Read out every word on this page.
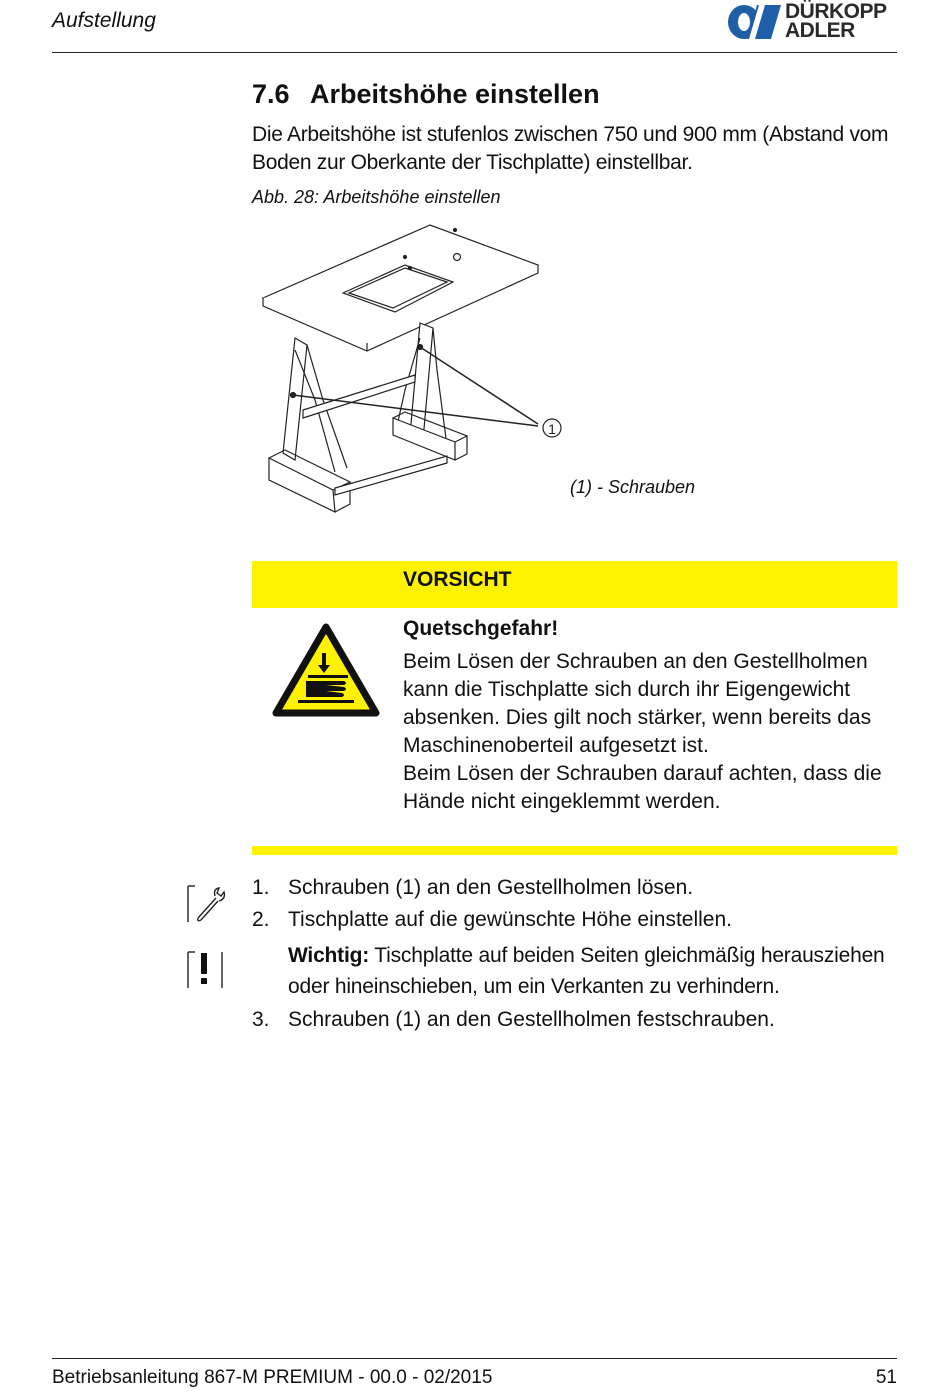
Aufstellung	DÜRKOPP
ADLER
7.6 Arbeitshöhe einstellen
Die Arbeitshöhe ist stufenlos zwischen 750 und 900 mm (Abstand vom Boden zur Oberkante der Tischplatte) einstellbar.
Abb. 28: Arbeitshöhe einstellen
1
(1) - Schrauben
VORSICHT
Quetschgefahr!
Beim Lösen der Schrauben an den Gestellholmen kann die Tischplatte sich durch ihr Eigengewicht absenken. Dies gilt noch stärker, wenn bereits das Maschinenoberteil aufgesetzt ist.
Beim Lösen der Schrauben darauf achten, dass die Hände nicht eingeklemmt werden.
1. Schrauben (1) an den Gestellholmen lösen.
2. Tischplatte auf die gewünschte Höhe einstellen.
Wichtig: Tischplatte auf beiden Seiten gleichmäßig herausziehen oder hineinschieben, um ein Verkanten zu verhindern.
3. Schrauben (1) an den Gestellholmen festschrauben.
Betriebsanleitung 867-M PREMIUM - 00.0 - 02/2015	51
